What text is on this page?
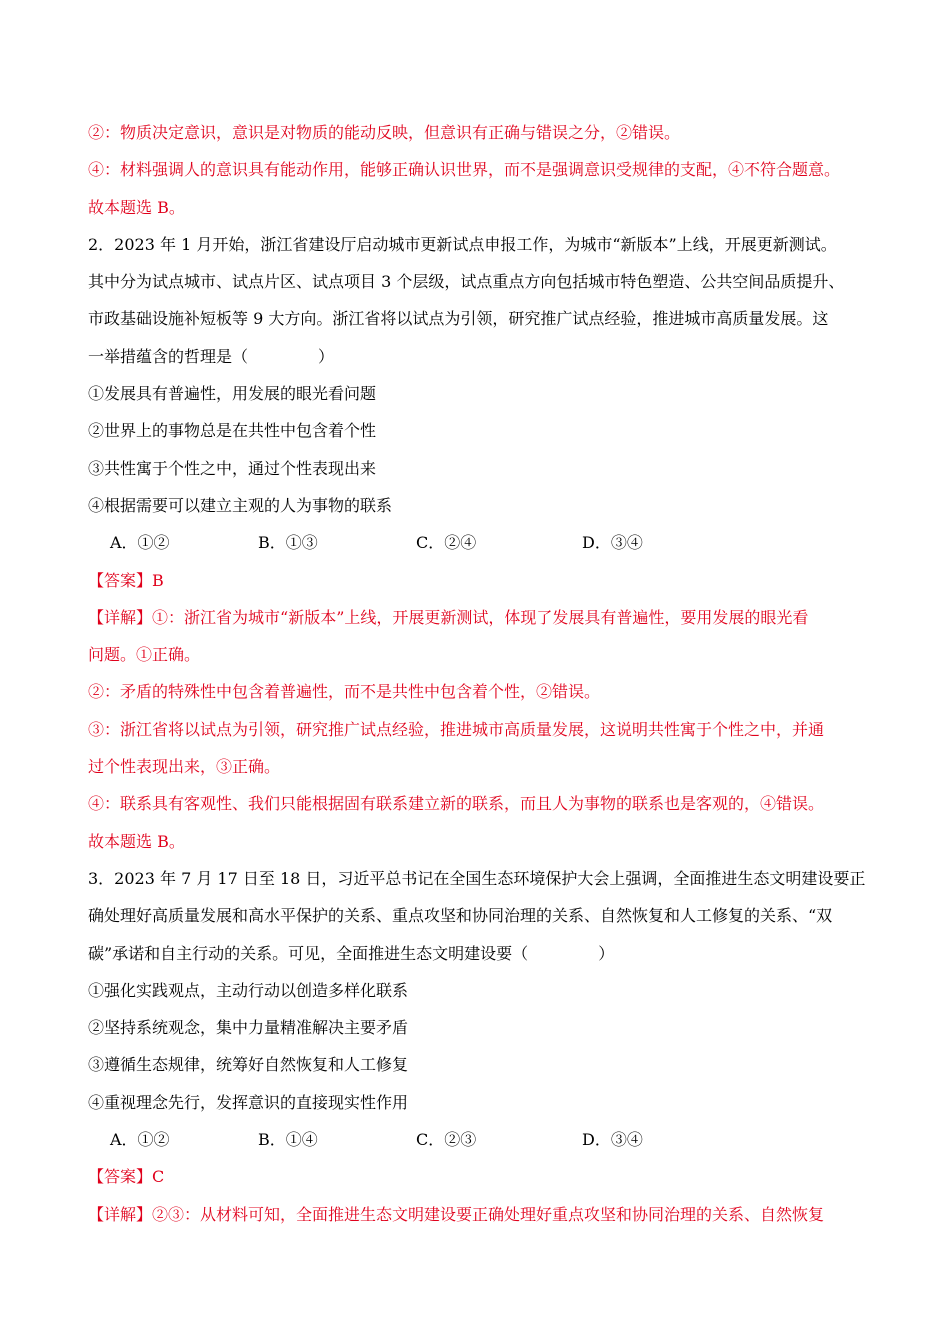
②：物质决定意识，意识是对物质的能动反映，但意识有正确与错误之分，②错误。
④：材料强调人的意识具有能动作用，能够正确认识世界，而不是强调意识受规律的支配，④不符合题意。
故本题选 B。
2．2023 年 1 月开始，浙江省建设厅启动城市更新试点申报工作，为城市“新版本”上线，开展更新测试。
其中分为试点城市、试点片区、试点项目 3 个层级，试点重点方向包括城市特色塑造、公共空间品质提升、
市政基础设施补短板等 9 大方向。浙江省将以试点为引领，研究推广试点经验，推进城市高质量发展。这
一举措蕴含的哲理是（	）
①发展具有普遍性，用发展的眼光看问题
②世界上的事物总是在共性中包含着个性
③共性寓于个性之中，通过个性表现出来
④根据需要可以建立主观的人为事物的联系
A．①②	B．①③	C．②④	D．③④
【答案】B
【详解】①：浙江省为城市“新版本”上线，开展更新测试，体现了发展具有普遍性，要用发展的眼光看
问题。①正确。
②：矛盾的特殊性中包含着普遍性，而不是共性中包含着个性，②错误。
③：浙江省将以试点为引领，研究推广试点经验，推进城市高质量发展，这说明共性寓于个性之中，并通
过个性表现出来，③正确。
④：联系具有客观性、我们只能根据固有联系建立新的联系，而且人为事物的联系也是客观的，④错误。
故本题选 B。
3．2023 年 7 月 17 日至 18 日，习近平总书记在全国生态环境保护大会上强调，全面推进生态文明建设要正
确处理好高质量发展和高水平保护的关系、重点攻坚和协同治理的关系、自然恢复和人工修复的关系、“双
碳”承诺和自主行动的关系。可见，全面推进生态文明建设要（	）
①强化实践观点，主动行动以创造多样化联系
②坚持系统观念，集中力量精准解决主要矛盾
③遵循生态规律，统筹好自然恢复和人工修复
④重视理念先行，发挥意识的直接现实性作用
A．①②	B．①④	C．②③	D．③④
【答案】C
【详解】②③：从材料可知，全面推进生态文明建设要正确处理好重点攻坚和协同治理的关系、自然恢复
